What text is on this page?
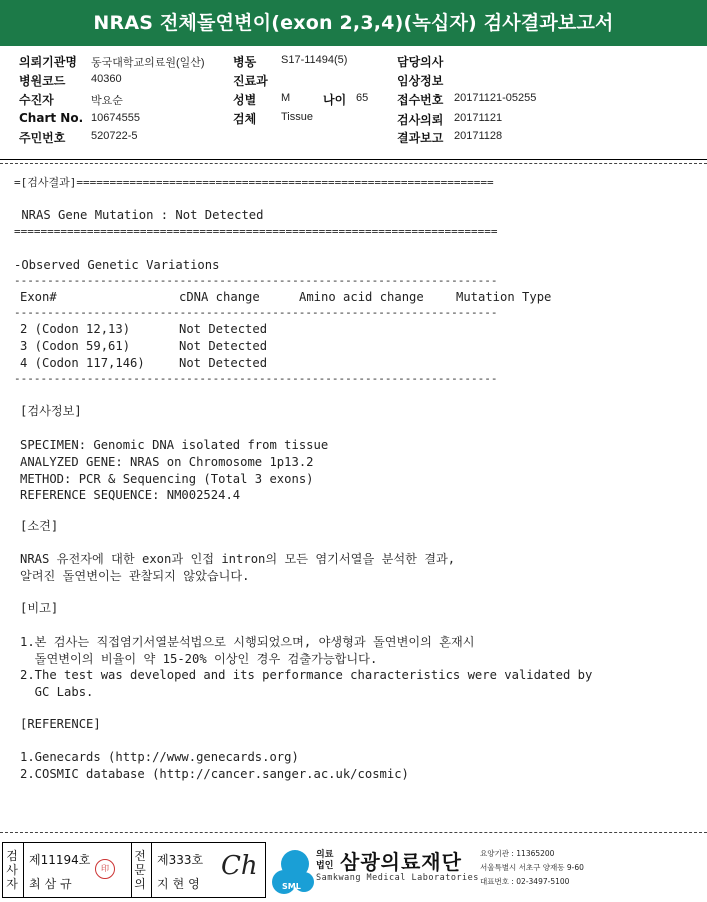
NRAS 전체돌연변이(exon 2,3,4)(녹십자) 검사결과보고서
의뢰기관명 동국대학교의료원(일산) 병동 S17-11494(5)	담당의사
병원코드 40360	진료과	임상정보
수진자	박요순	성별 M	나이 65 접수번호 20171121-05255
Chart No. 10674555	검체 Tissue	검사의뢰 20171121
주민번호 520722-5	결과보고 20171128
=[검사결과]===============================================================
NRAS Gene Mutation : Not Detected
=========================================================================
-Observed Genetic Variations
-------------------------------------------------------------------------
Exon#	cDNA change	Amino acid change	Mutation Type
-------------------------------------------------------------------------
2 (Codon 12,13)	Not Detected
3 (Codon 59,61)	Not Detected
4 (Codon 117,146)	Not Detected
-------------------------------------------------------------------------
[검사정보]
SPECIMEN: Genomic DNA isolated from tissue
ANALYZED GENE: NRAS on Chromosome 1p13.2
METHOD: PCR & Sequencing (Total 3 exons)
REFERENCE SEQUENCE: NM002524.4
[소견]
NRAS 유전자에 대한 exon과 인접 intron의 모든 염기서열을 분석한 결과,
알려진 돌연변이는 관찰되지 않았습니다.
[비고]
1.본 검사는 직접염기서열분석법으로 시행되었으며, 야생형과 돌연변이의 혼재시
돌연변이의 비율이 약 15-20% 이상인 경우 검출가능합니다.
2.The test was developed and its performance characteristics were validated by
GC Labs.
[REFERENCE]
1.Genecards (http://www.genecards.org)
2.COSMIC database (http://cancer.sanger.ac.uk/cosmic)
검사자
제11194호
최삼규
印
전문의
제333호
지현영
Ch
SML
의료법인 삼광의료재단
Samkwang Medical Laboratories
요양기관 : 11365200
서울특별시 서초구 양재동 9-60
대표번호 : 02-3497-5100
